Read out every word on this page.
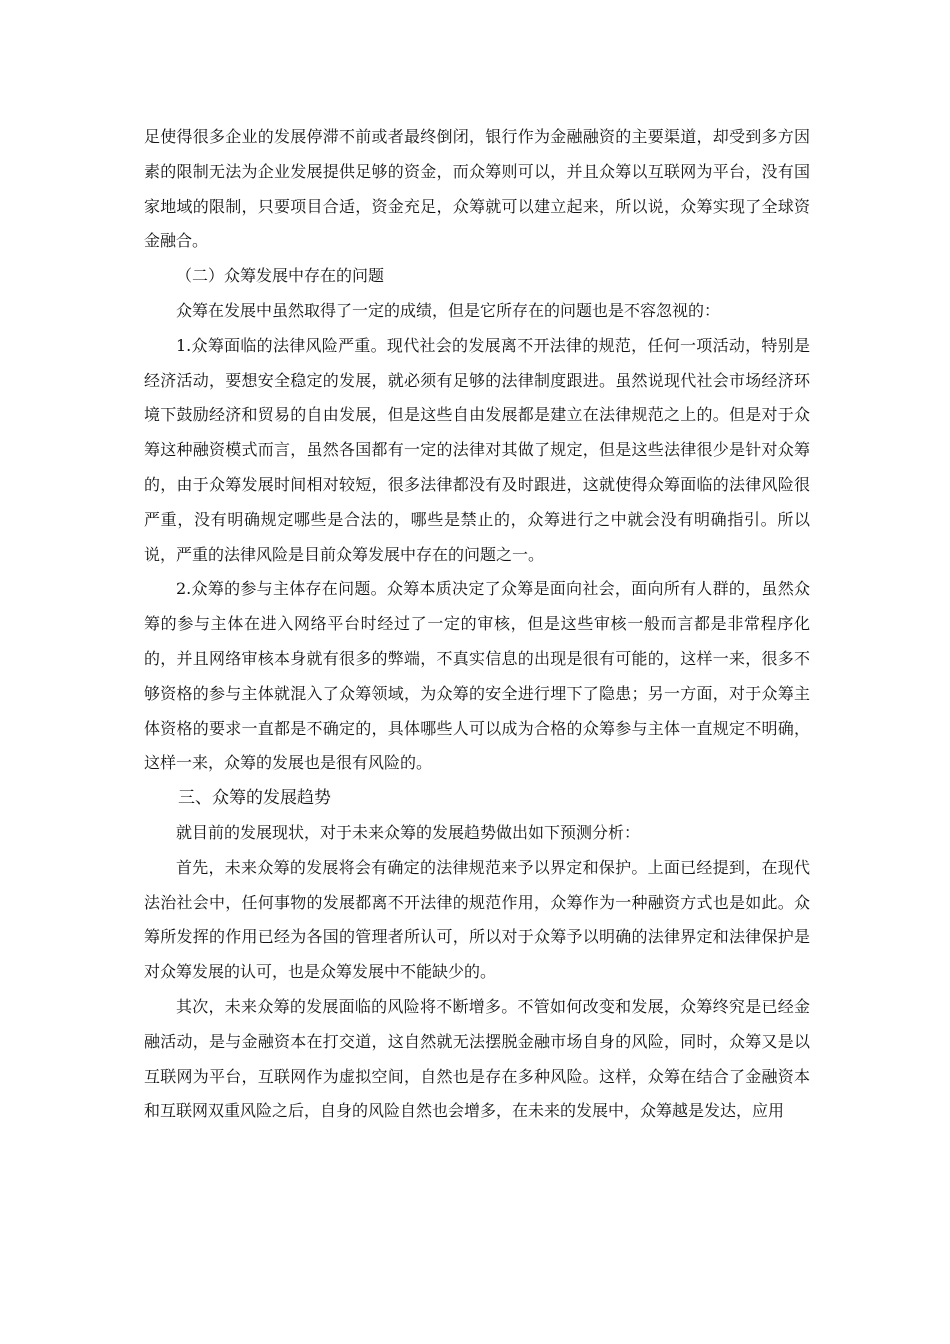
足使得很多企业的发展停滞不前或者最终倒闭，银行作为金融融资的主要渠道，却受到多方因素的限制无法为企业发展提供足够的资金，而众筹则可以，并且众筹以互联网为平台，没有国家地域的限制，只要项目合适，资金充足，众筹就可以建立起来，所以说，众筹实现了全球资金融合。

（二）众筹发展中存在的问题

众筹在发展中虽然取得了一定的成绩，但是它所存在的问题也是不容忽视的：

1.众筹面临的法律风险严重。现代社会的发展离不开法律的规范，任何一项活动，特别是经济活动，要想安全稳定的发展，就必须有足够的法律制度跟进。虽然说现代社会市场经济环境下鼓励经济和贸易的自由发展，但是这些自由发展都是建立在法律规范之上的。但是对于众筹这种融资模式而言，虽然各国都有一定的法律对其做了规定，但是这些法律很少是针对众筹的，由于众筹发展时间相对较短，很多法律都没有及时跟进，这就使得众筹面临的法律风险很严重，没有明确规定哪些是合法的，哪些是禁止的，众筹进行之中就会没有明确指引。所以说，严重的法律风险是目前众筹发展中存在的问题之一。

2.众筹的参与主体存在问题。众筹本质决定了众筹是面向社会，面向所有人群的，虽然众筹的参与主体在进入网络平台时经过了一定的审核，但是这些审核一般而言都是非常程序化的，并且网络审核本身就有很多的弊端，不真实信息的出现是很有可能的，这样一来，很多不够资格的参与主体就混入了众筹领域，为众筹的安全进行埋下了隐患；另一方面，对于众筹主体资格的要求一直都是不确定的，具体哪些人可以成为合格的众筹参与主体一直规定不明确，这样一来，众筹的发展也是很有风险的。

三、众筹的发展趋势

就目前的发展现状，对于未来众筹的发展趋势做出如下预测分析：

首先，未来众筹的发展将会有确定的法律规范来予以界定和保护。上面已经提到，在现代法治社会中，任何事物的发展都离不开法律的规范作用，众筹作为一种融资方式也是如此。众筹所发挥的作用已经为各国的管理者所认可，所以对于众筹予以明确的法律界定和法律保护是对众筹发展的认可，也是众筹发展中不能缺少的。

其次，未来众筹的发展面临的风险将不断增多。不管如何改变和发展，众筹终究是已经金融活动，是与金融资本在打交道，这自然就无法摆脱金融市场自身的风险，同时，众筹又是以互联网为平台，互联网作为虚拟空间，自然也是存在多种风险。这样，众筹在结合了金融资本和互联网双重风险之后，自身的风险自然也会增多，在未来的发展中，众筹越是发达，应用
